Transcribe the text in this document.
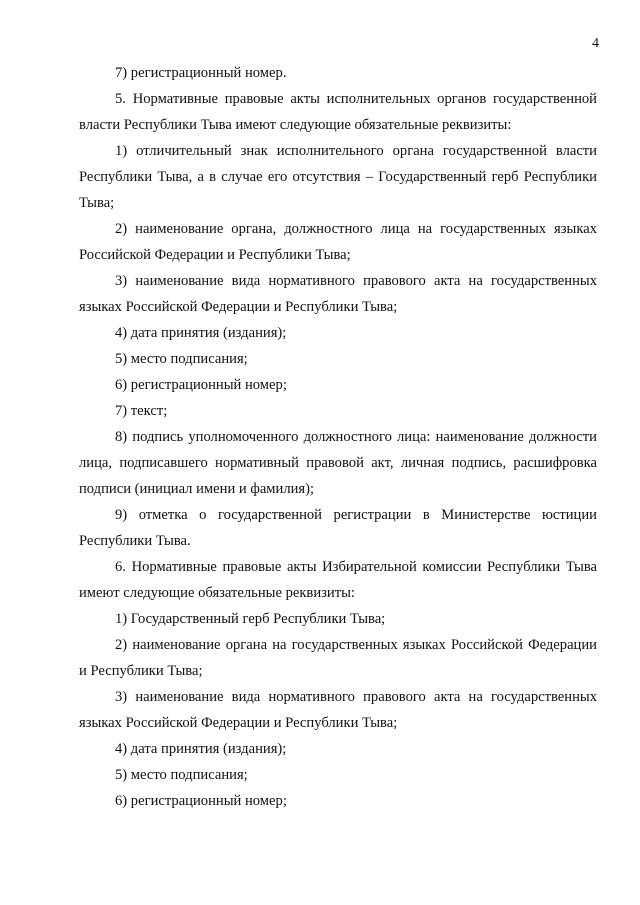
4

7) регистрационный номер.

5. Нормативные правовые акты исполнительных органов государственной власти Республики Тыва имеют следующие обязательные реквизиты:

1) отличительный знак исполнительного органа государственной власти Республики Тыва, а в случае его отсутствия – Государственный герб Республики Тыва;

2) наименование органа, должностного лица на государственных языках Российской Федерации и Республики Тыва;

3) наименование вида нормативного правового акта на государственных языках Российской Федерации и Республики Тыва;

4) дата принятия (издания);

5) место подписания;

6) регистрационный номер;

7) текст;

8) подпись уполномоченного должностного лица: наименование должности лица, подписавшего нормативный правовой акт, личная подпись, расшифровка подписи (инициал имени и фамилия);

9) отметка о государственной регистрации в Министерстве юстиции Республики Тыва.

6. Нормативные правовые акты Избирательной комиссии Республики Тыва имеют следующие обязательные реквизиты:

1) Государственный герб Республики Тыва;

2) наименование органа на государственных языках Российской Федерации и Республики Тыва;

3) наименование вида нормативного правового акта на государственных языках Российской Федерации и Республики Тыва;

4) дата принятия (издания);

5) место подписания;

6) регистрационный номер;
